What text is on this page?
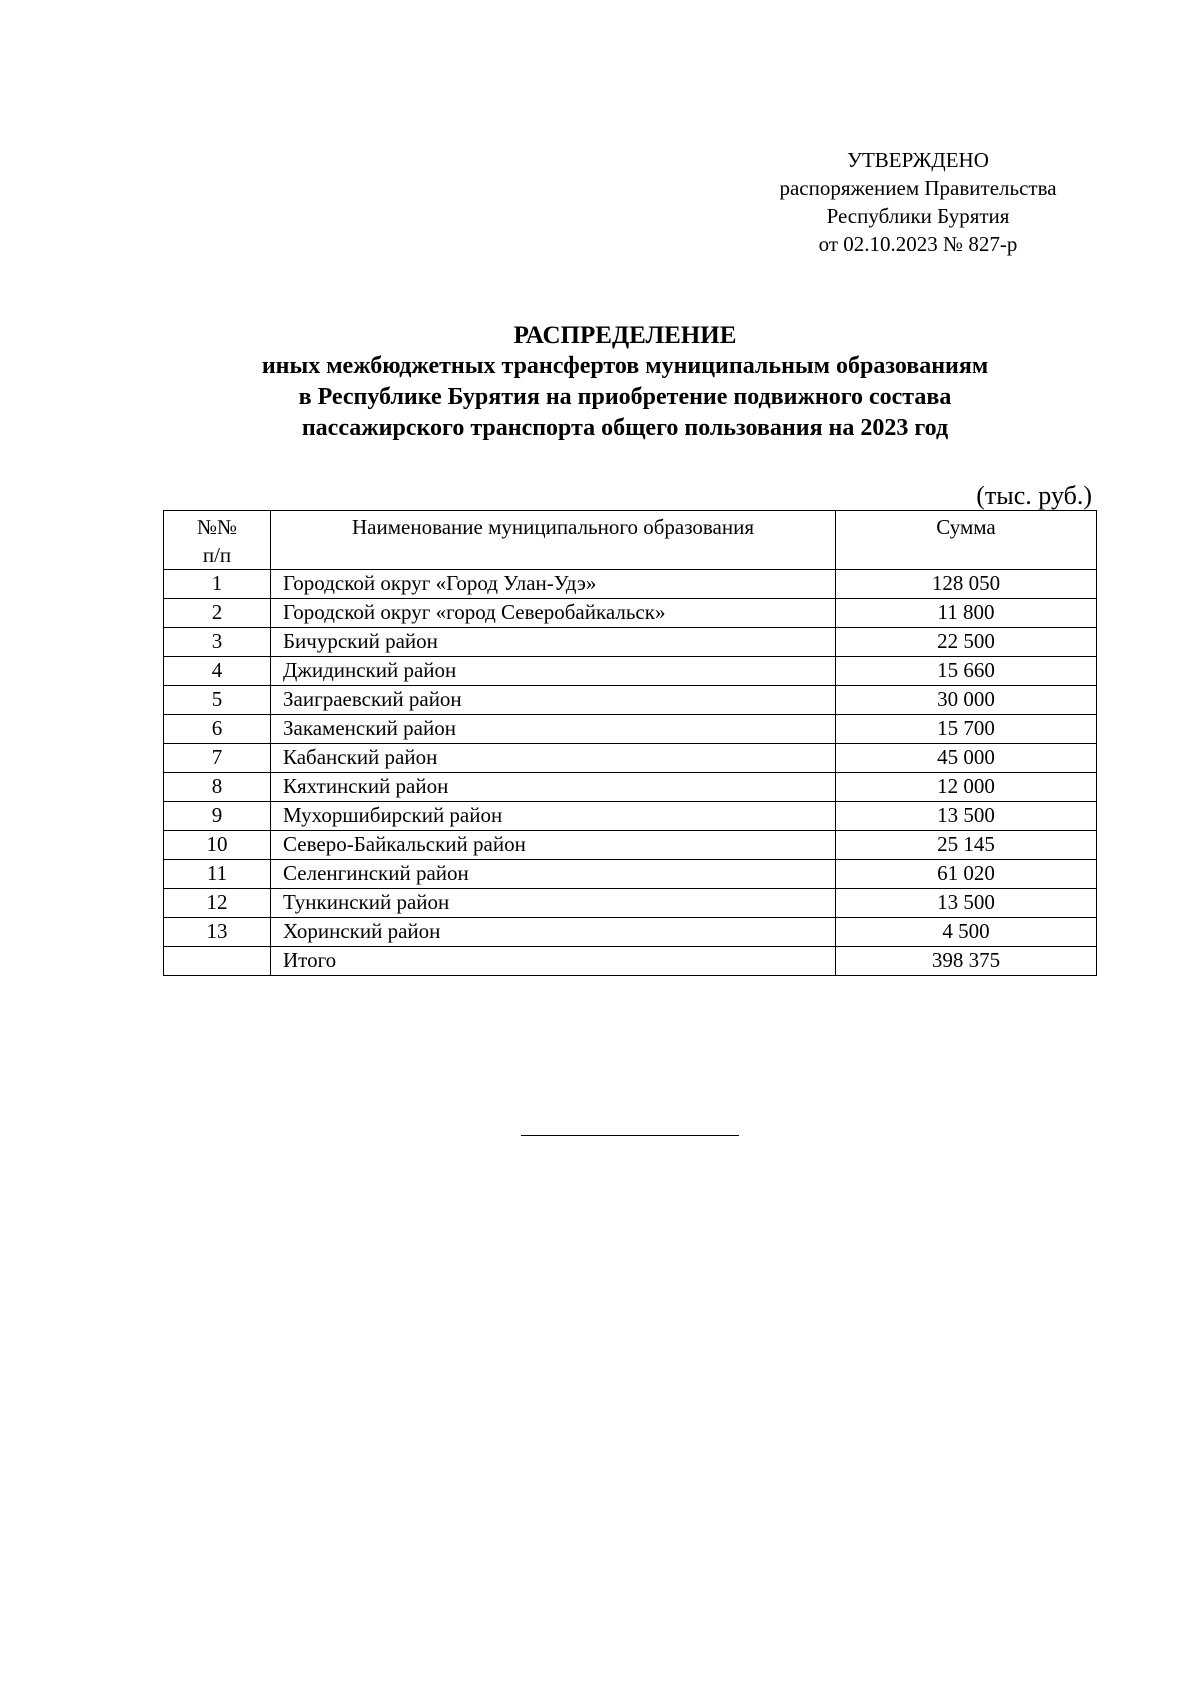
УТВЕРЖДЕНО
распоряжением Правительства
Республики Бурятия
от 02.10.2023 № 827-р
РАСПРЕДЕЛЕНИЕ
иных межбюджетных трансфертов муниципальным образованиям
в Республике Бурятия на приобретение подвижного состава
пассажирского транспорта общего пользования на 2023 год
(тыс. руб.)
№№
п/п	Наименование муниципального образования	Сумма
1	Городской округ «Город Улан-Удэ»	128 050
2	Городской округ «город Северобайкальск»	11 800
3	Бичурский район	22 500
4	Джидинский район	15 660
5	Заиграевский район	30 000
6	Закаменский район	15 700
7	Кабанский район	45 000
8	Кяхтинский район	12 000
9	Мухоршибирский район	13 500
10	Северо-Байкальский район	25 145
11	Селенгинский район	61 020
12	Тункинский район	13 500
13	Хоринский район	4 500
	Итого	398 375
